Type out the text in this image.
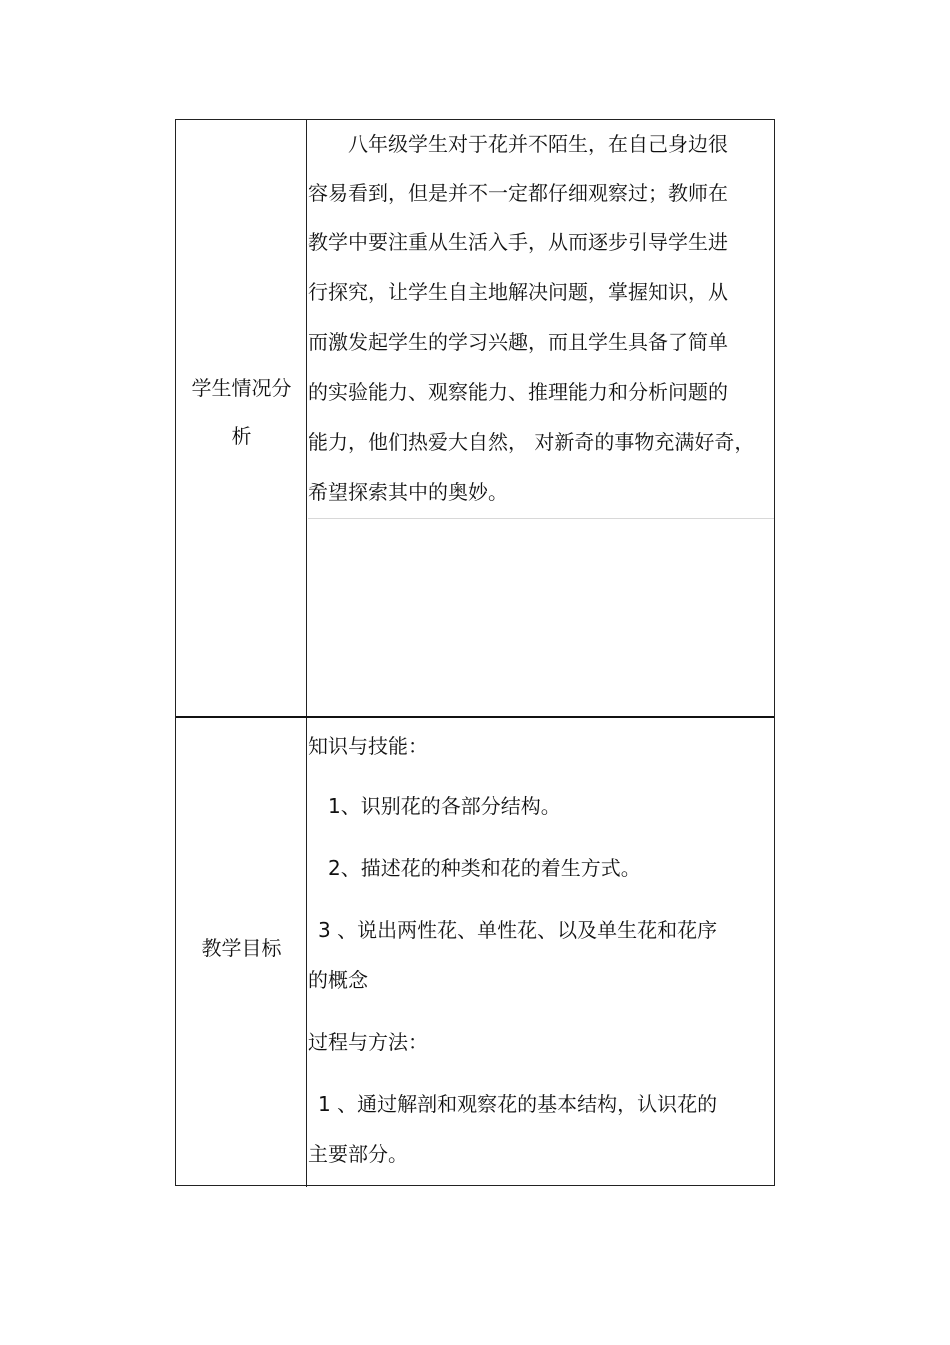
学生情况分
析
八年级学生对于花并不陌生，在自己身边很
容易看到，但是并不一定都仔细观察过；教师在
教学中要注重从生活入手，从而逐步引导学生进
行探究，让学生自主地解决问题，掌握知识，从
而激发起学生的学习兴趣，而且学生具备了简单
的实验能力、观察能力、推理能力和分析问题的
能力，他们热爱大自然， 对新奇的事物充满好奇，
希望探索其中的奥妙。
教学目标
知识与技能：
1、识别花的各部分结构。
2、描述花的种类和花的着生方式。
3 、说出两性花、单性花、以及单生花和花序
的概念
过程与方法：
1 、通过解剖和观察花的基本结构，认识花的
主要部分。
